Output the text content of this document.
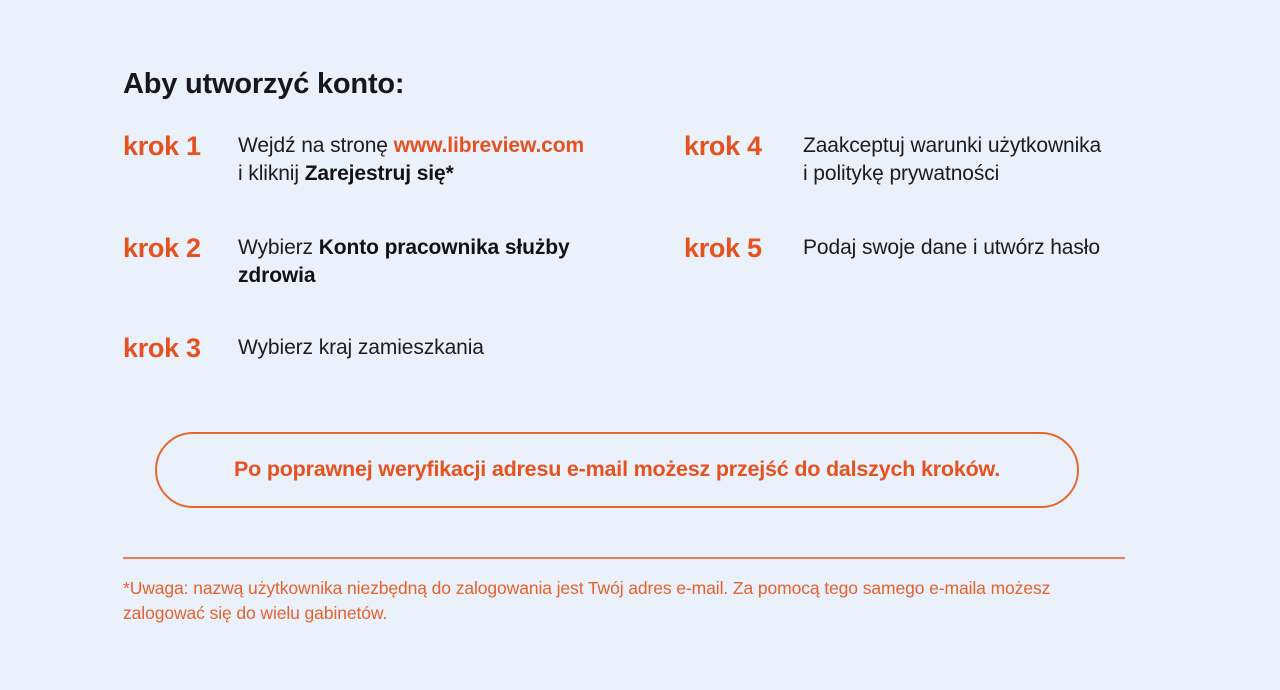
Aby utworzyć konto:
krok 1	Wejdź na stronę www.libreview.com
i kliknij Zarejestruj się*
krok 2	Wybierz Konto pracownika służby
zdrowia
krok 3	Wybierz kraj zamieszkania
krok 4	Zaakceptuj warunki użytkownika
i politykę prywatności
krok 5	Podaj swoje dane i utwórz hasło
Po poprawnej weryfikacji adresu e-mail możesz przejść do dalszych kroków.
*Uwaga: nazwą użytkownika niezbędną do zalogowania jest Twój adres e-mail. Za pomocą tego samego e-maila możesz zalogować się do wielu gabinetów.
